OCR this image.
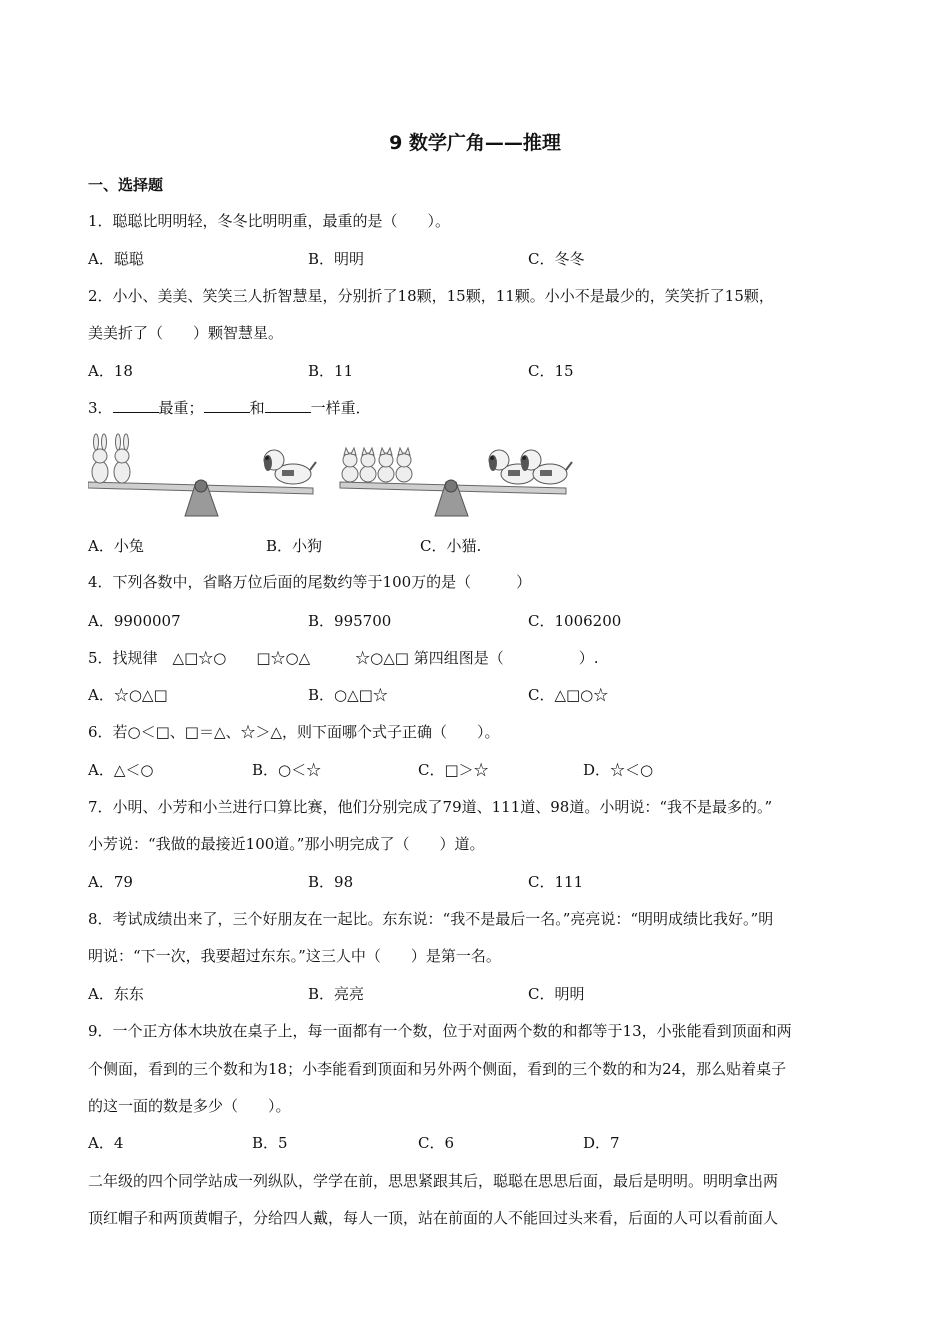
9 数学广角——推理
一、选择题
1．聪聪比明明轻，冬冬比明明重，最重的是（　　）。
A．聪聪	B．明明	C．冬冬
2．小小、美美、笑笑三人折智慧星，分别折了18颗，15颗，11颗。小小不是最少的，笑笑折了15颗，
美美折了（　　）颗智慧星。
A．18	B．11	C．15
3．	最重；	和	一样重．
A．小兔	B．小狗	C．小猫.
4．下列各数中，省略万位后面的尾数约等于100万的是（　　　）
A．9900007	B．995700	C．1006200
5．找规律　△□☆○　　□☆○△　　　☆○△□ 第四组图是（　　　　　）.
A．☆○△□	B．○△□☆	C．△□○☆
6．若○＜□、□＝△、☆＞△，则下面哪个式子正确（　　）。
A．△＜○	B．○＜☆	C．□＞☆	D．☆＜○
7．小明、小芳和小兰进行口算比赛，他们分别完成了79道、111道、98道。小明说：“我不是最多的。”
小芳说：“我做的最接近100道。”那小明完成了（　　）道。
A．79	B．98	C．111
8．考试成绩出来了，三个好朋友在一起比。东东说：“我不是最后一名。”亮亮说：“明明成绩比我好。”明
明说：“下一次，我要超过东东。”这三人中（　　）是第一名。
A．东东	B．亮亮	C．明明
9．一个正方体木块放在桌子上，每一面都有一个数，位于对面两个数的和都等于13，小张能看到顶面和两
个侧面，看到的三个数和为18；小李能看到顶面和另外两个侧面，看到的三个数的和为24，那么贴着桌子
的这一面的数是多少（　　）。
A．4	B．5	C．6	D．7
二年级的四个同学站成一列纵队，学学在前，思思紧跟其后，聪聪在思思后面，最后是明明。明明拿出两
顶红帽子和两顶黄帽子，分给四人戴，每人一顶，站在前面的人不能回过头来看，后面的人可以看前面人
